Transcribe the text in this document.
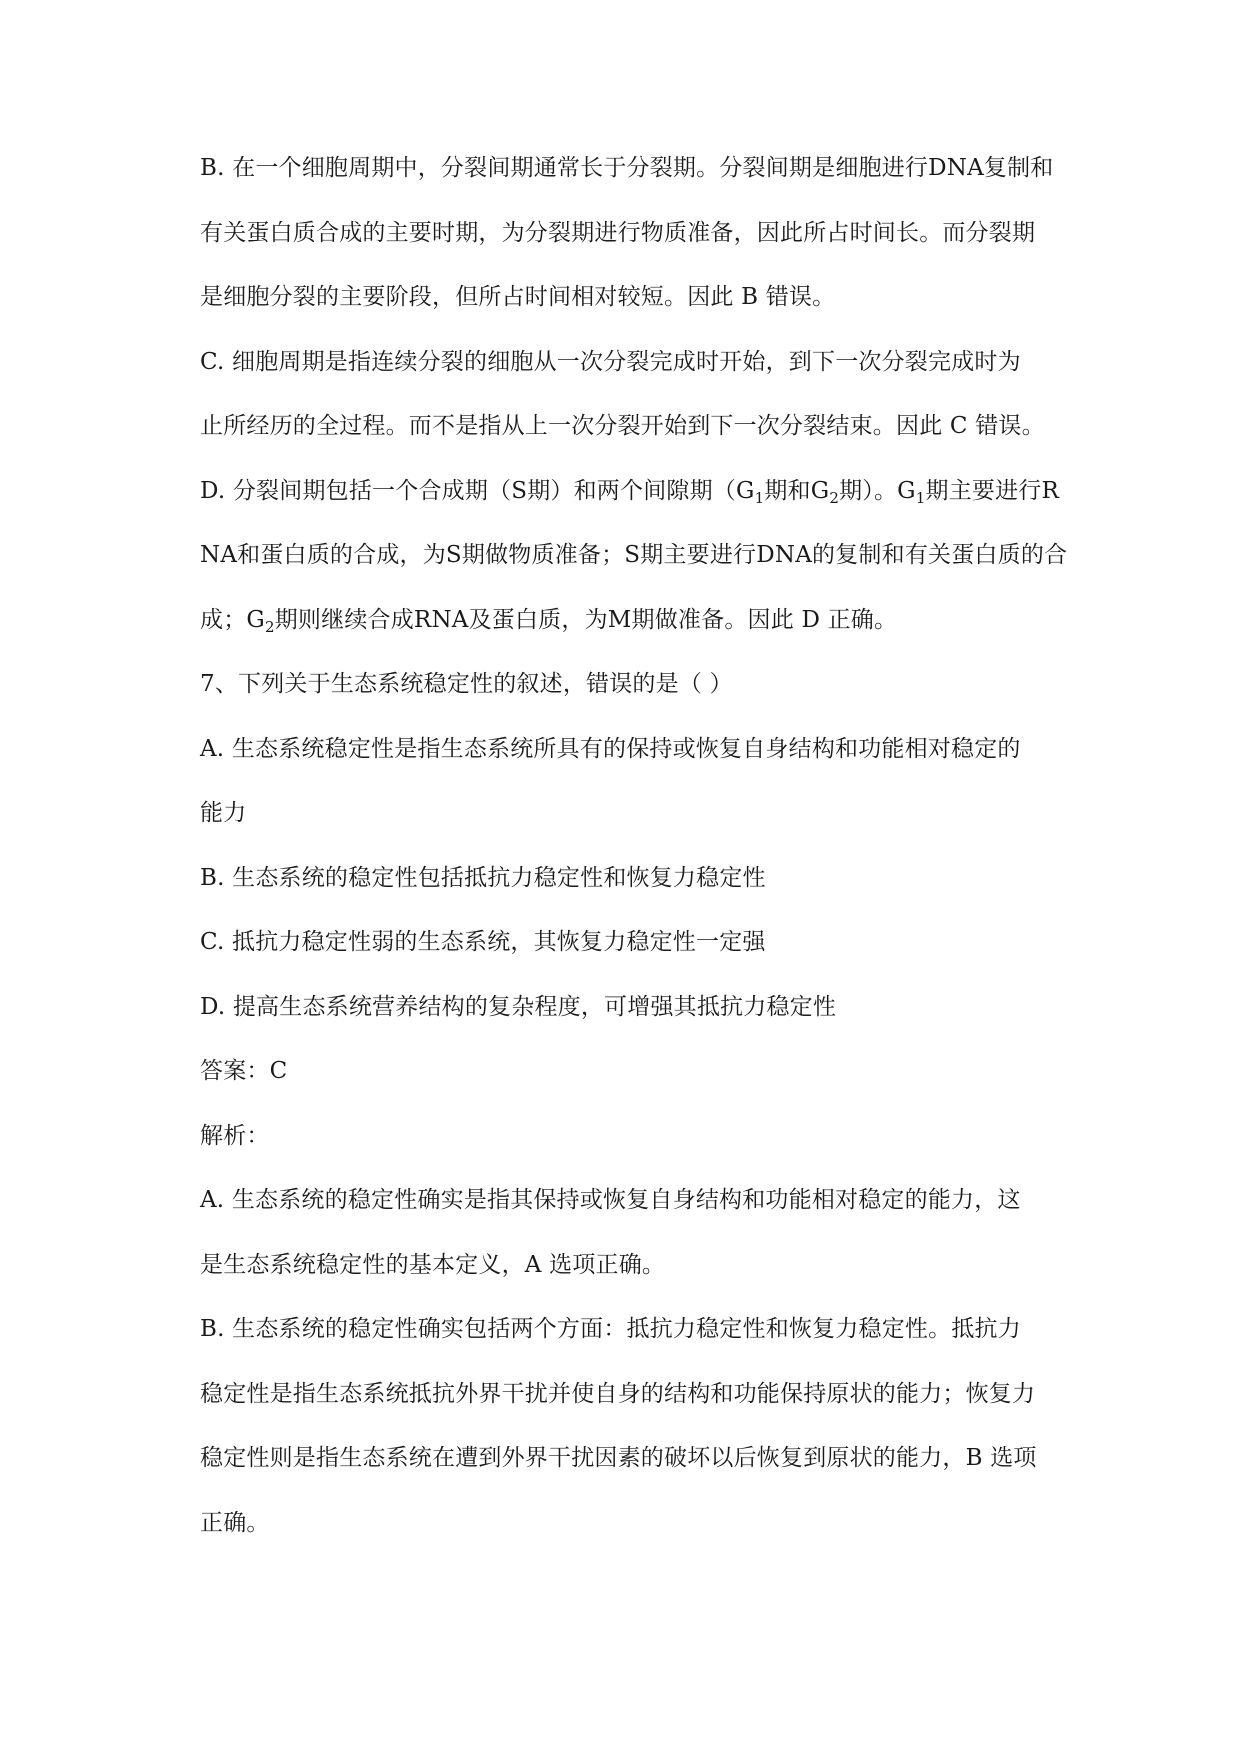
B. 在一个细胞周期中，分裂间期通常长于分裂期。分裂间期是细胞进行DNA复制和
有关蛋白质合成的主要时期，为分裂期进行物质准备，因此所占时间长。而分裂期
是细胞分裂的主要阶段，但所占时间相对较短。因此 B 错误。
C. 细胞周期是指连续分裂的细胞从一次分裂完成时开始，到下一次分裂完成时为
止所经历的全过程。而不是指从上一次分裂开始到下一次分裂结束。因此 C 错误。
D. 分裂间期包括一个合成期（S期）和两个间隙期（$G_1$期和$G_2$期）。$G_1$期主要进行R
NA和蛋白质的合成，为S期做物质准备；S期主要进行DNA的复制和有关蛋白质的合
成；$G_2$期则继续合成RNA及蛋白质，为M期做准备。因此 D 正确。
7、下列关于生态系统稳定性的叙述，错误的是（ ）
A. 生态系统稳定性是指生态系统所具有的保持或恢复自身结构和功能相对稳定的
能力
B. 生态系统的稳定性包括抵抗力稳定性和恢复力稳定性
C. 抵抗力稳定性弱的生态系统，其恢复力稳定性一定强
D. 提高生态系统营养结构的复杂程度，可增强其抵抗力稳定性
答案：C
解析：
A. 生态系统的稳定性确实是指其保持或恢复自身结构和功能相对稳定的能力，这
是生态系统稳定性的基本定义，A 选项正确。
B. 生态系统的稳定性确实包括两个方面：抵抗力稳定性和恢复力稳定性。抵抗力
稳定性是指生态系统抵抗外界干扰并使自身的结构和功能保持原状的能力；恢复力
稳定性则是指生态系统在遭到外界干扰因素的破坏以后恢复到原状的能力，B 选项
正确。
